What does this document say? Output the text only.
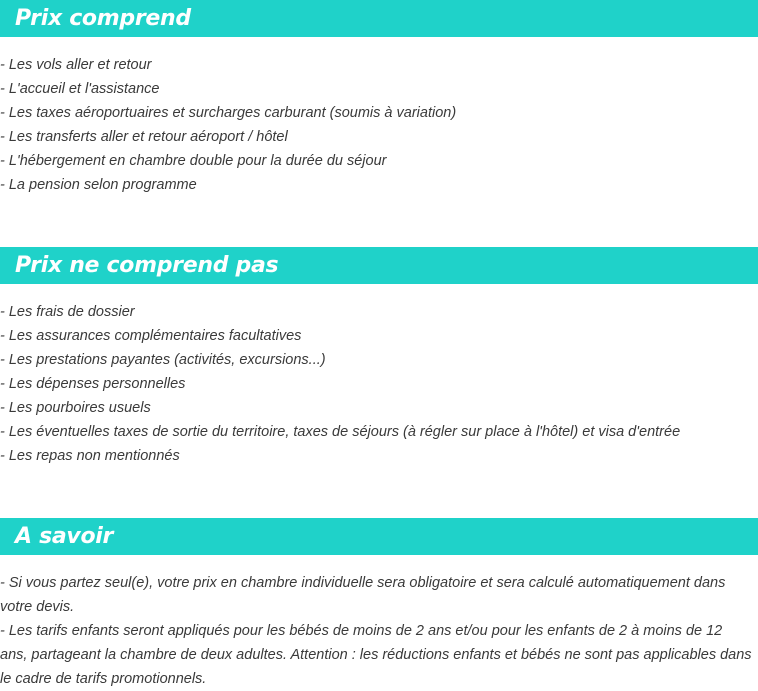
Prix comprend
- Les vols aller et retour
- L'accueil et l'assistance
- Les taxes aéroportuaires et surcharges carburant (soumis à variation)
- Les transferts aller et retour aéroport / hôtel
- L'hébergement en chambre double pour la durée du séjour
- La pension selon programme
Prix ne comprend pas
- Les frais de dossier
- Les assurances complémentaires facultatives
- Les prestations payantes (activités, excursions...)
- Les dépenses personnelles
- Les pourboires usuels
- Les éventuelles taxes de sortie du territoire, taxes de séjours (à régler sur place à l'hôtel) et visa d'entrée
- Les repas non mentionnés
A savoir
- Si vous partez seul(e), votre prix en chambre individuelle sera obligatoire et sera calculé automatiquement dans votre devis.
- Les tarifs enfants seront appliqués pour les bébés de moins de 2 ans et/ou pour les enfants de 2 à moins de 12 ans, partageant la chambre de deux adultes. Attention : les réductions enfants et bébés ne sont pas applicables dans le cadre de tarifs promotionnels.
